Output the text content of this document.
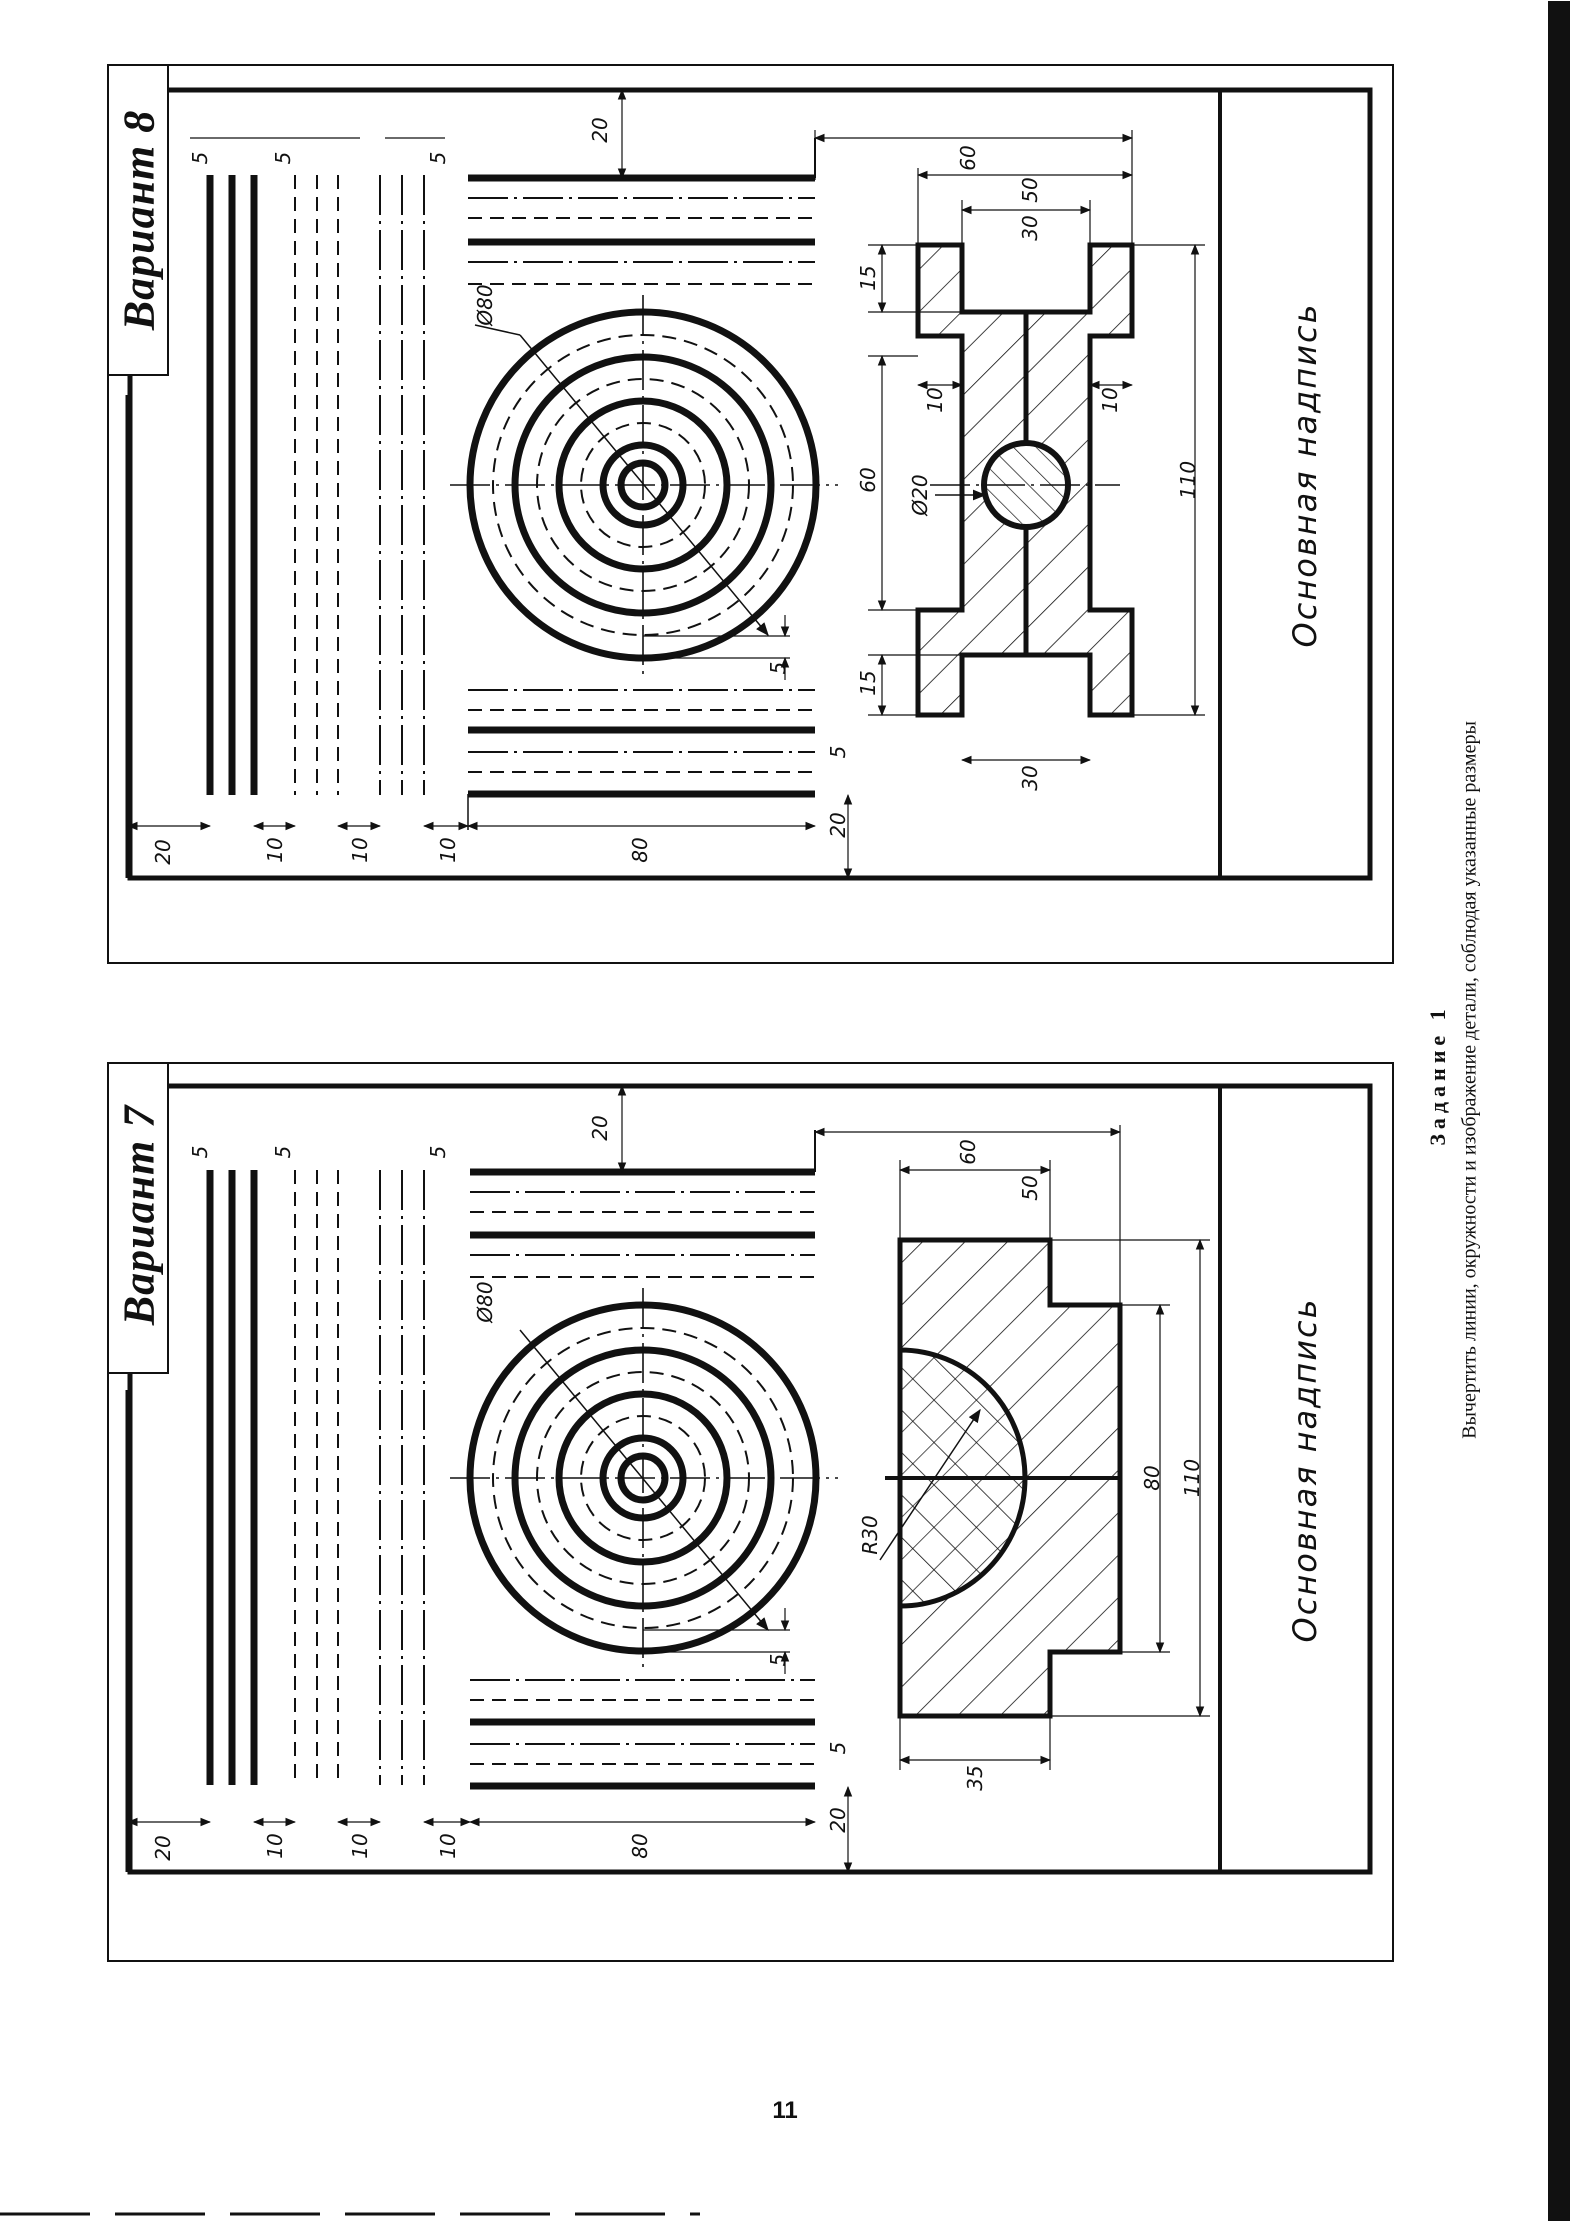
Вариант 8
Основная надпись
20	10	10	10	80
20
5
20
5	5	5
Ø80
5
60
50
30
30
110
15
60
15
10	10
Ø20
Вариант 7
Основная надпись
20	10	10	10	80
20
5
20
5	5	5
Ø80
5
60
50
35
80 110
R30
Задание 1 Вычертить линии, окружности и изображение детали, соблюдая указанные размеры
11
